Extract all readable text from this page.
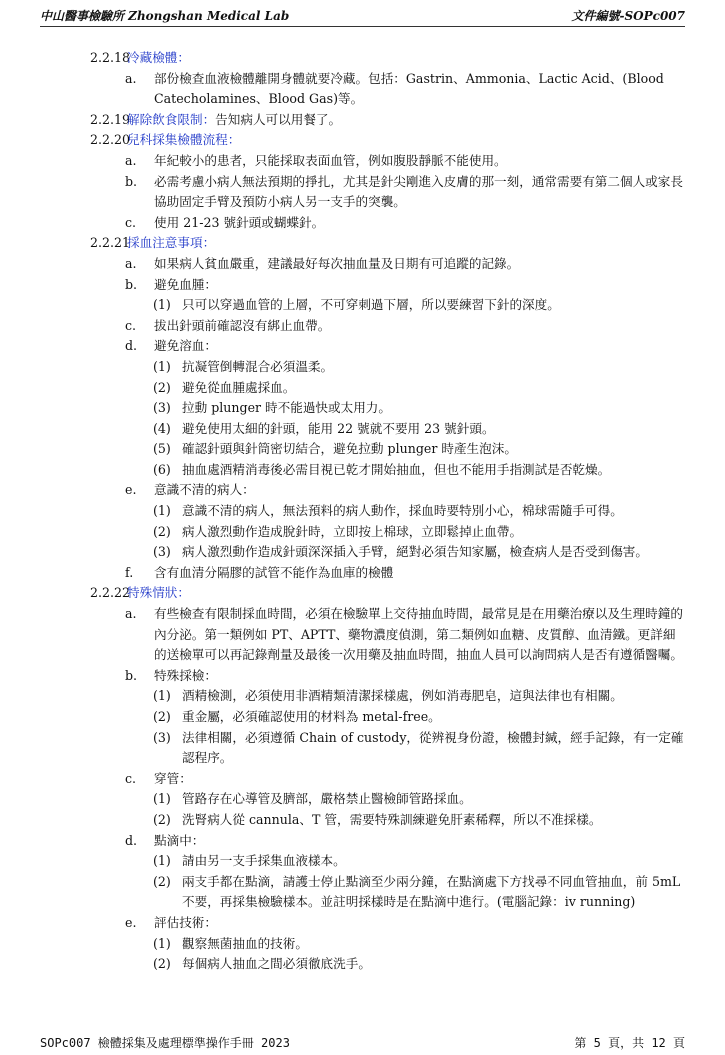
中山醫事檢驗所 Zhongshan Medical Lab	文件編號-SOPc007
2.2.18
冷藏檢體：
a. 部份檢查血液檢體離開身體就要冷藏。包括：Gastrin、Ammonia、Lactic Acid、(Blood Catecholamines、Blood Gas)等。
2.2.19
解除飲食限制：告知病人可以用餐了。
2.2.20
兒科採集檢體流程：
a. 年紀較小的患者，只能採取表面血管，例如腹股靜脈不能使用。
b. 必需考慮小病人無法預期的掙扎，尤其是針尖剛進入皮膚的那一刻，通常需要有第二個人或家長協助固定手臂及預防小病人另一支手的突襲。
c. 使用 21-23 號針頭或蝴蝶針。
2.2.21
採血注意事項：
a. 如果病人貧血嚴重，建議最好每次抽血量及日期有可追蹤的記錄。
b. 避免血腫：
(1) 只可以穿過血管的上層，不可穿刺過下層，所以要練習下針的深度。
c. 拔出針頭前確認沒有綁止血帶。
d. 避免溶血：
(1) 抗凝管倒轉混合必須溫柔。
(2) 避免從血腫處採血。
(3) 拉動 plunger 時不能過快或太用力。
(4) 避免使用太細的針頭，能用 22 號就不要用 23 號針頭。
(5) 確認針頭與針筒密切結合，避免拉動 plunger 時產生泡沫。
(6) 抽血處酒精消毒後必需目視已乾才開始抽血，但也不能用手指測試是否乾燥。
e. 意識不清的病人：
(1) 意識不清的病人，無法預料的病人動作，採血時要特別小心，棉球需隨手可得。
(2) 病人激烈動作造成脫針時，立即按上棉球，立即鬆掉止血帶。
(3) 病人激烈動作造成針頭深深插入手臂，絕對必須告知家屬，檢查病人是否受到傷害。
f. 含有血清分隔膠的試管不能作為血庫的檢體
2.2.22
特殊情狀：
a. 有些檢查有限制採血時間，必須在檢驗單上交待抽血時間，最常見是在用藥治療以及生理時鐘的內分泌。第一類例如 PT、APTT、藥物濃度偵測，第二類例如血糖、皮質醇、血清鐵。更詳細的送檢單可以再記錄劑量及最後一次用藥及抽血時間，抽血人員可以詢問病人是否有遵循醫囑。
b. 特殊採檢：
(1) 酒精檢測，必須使用非酒精類清潔採樣處，例如消毒肥皂，這與法律也有相關。
(2) 重金屬，必須確認使用的材料為 metal-free。
(3) 法律相關，必須遵循 Chain of custody，從辨視身份證，檢體封緘，經手記錄，有一定確認程序。
c. 穿管：
(1) 管路存在心導管及臍部，嚴格禁止醫檢師管路採血。
(2) 洗腎病人從 cannula、T 管，需要特殊訓練避免肝素稀釋，所以不准採樣。
d. 點滴中：
(1) 請由另一支手採集血液樣本。
(2) 兩支手都在點滴，請護士停止點滴至少兩分鐘，在點滴處下方找尋不同血管抽血，前 5mL 不要，再採集檢驗樣本。並註明採樣時是在點滴中進行。(電腦記錄：iv running)
e. 評估技術：
(1) 觀察無菌抽血的技術。
(2) 每個病人抽血之間必須徹底洗手。
SOPc007 檢體採集及處理標準操作手冊 2023	第 5 頁，共 12 頁
